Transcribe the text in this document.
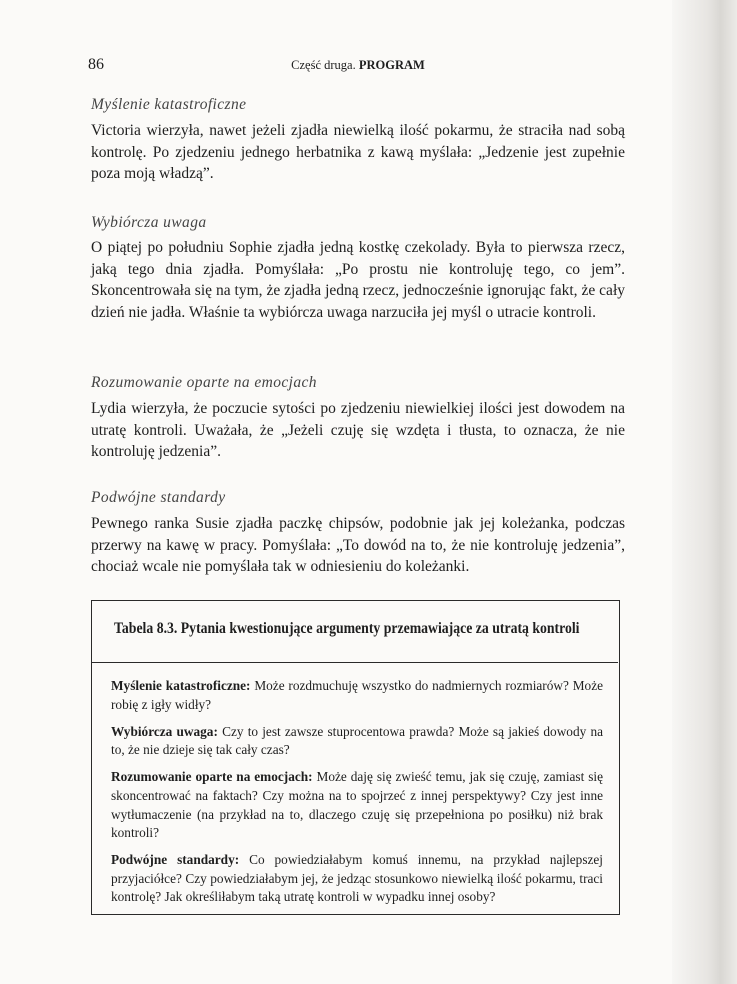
86	Część druga. PROGRAM
Myślenie katastroficzne
Victoria wierzyła, nawet jeżeli zjadła niewielką ilość pokarmu, że straciła nad sobą kontrolę. Po zjedzeniu jednego herbatnika z kawą myślała: „Jedzenie jest zupełnie poza moją władzą”.
Wybiórcza uwaga
O piątej po południu Sophie zjadła jedną kostkę czekolady. Była to pierwsza rzecz, jaką tego dnia zjadła. Pomyślała: „Po prostu nie kontroluję tego, co jem”. Skoncentrowała się na tym, że zjadła jedną rzecz, jednocześnie ignorując fakt, że cały dzień nie jadła. Właśnie ta wybiórcza uwaga narzuciła jej myśl o utracie kontroli.
Rozumowanie oparte na emocjach
Lydia wierzyła, że poczucie sytości po zjedzeniu niewielkiej ilości jest dowodem na utratę kontroli. Uważała, że „Jeżeli czuję się wzdęta i tłusta, to oznacza, że nie kontroluję jedzenia”.
Podwójne standardy
Pewnego ranka Susie zjadła paczkę chipsów, podobnie jak jej koleżanka, podczas przerwy na kawę w pracy. Pomyślała: „To dowód na to, że nie kontroluję jedzenia”, chociaż wcale nie pomyślała tak w odniesieniu do koleżanki.
Tabela 8.3. Pytania kwestionujące argumenty przemawiające za utratą kontroli

Myślenie katastroficzne: Może rozdmuchuję wszystko do nadmiernych rozmiarów? Może robię z igły widły?

Wybiórcza uwaga: Czy to jest zawsze stuprocentowa prawda? Może są jakieś dowody na to, że nie dzieje się tak cały czas?

Rozumowanie oparte na emocjach: Może daję się zwieść temu, jak się czuję, zamiast się skoncentrować na faktach? Czy można na to spojrzeć z innej perspektywy? Czy jest inne wytłumaczenie (na przykład na to, dlaczego czuję się przepełniona po posiłku) niż brak kontroli?

Podwójne standardy: Co powiedziałabym komuś innemu, na przykład najlepszej przyjaciółce? Czy powiedziałabym jej, że jedząc stosunkowo niewielką ilość pokarmu, traci kontrolę? Jak określiłabym taką utratę kontroli w wypadku innej osoby?
